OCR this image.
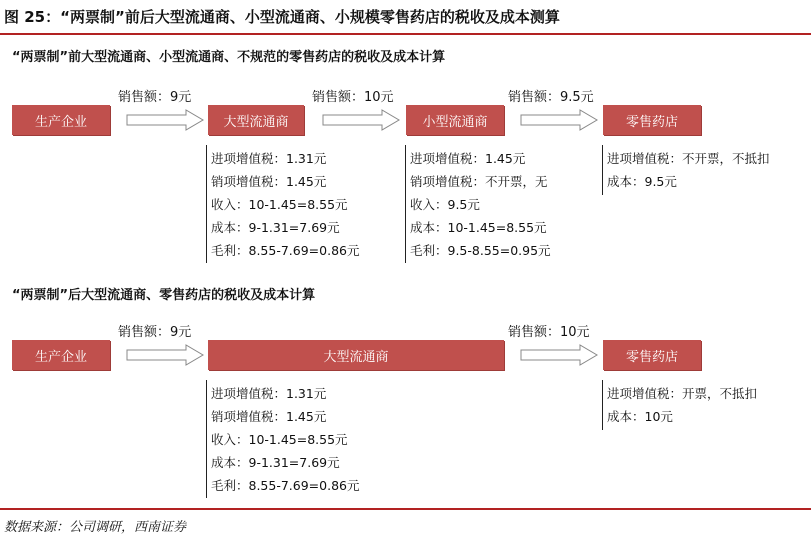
图 25：“两票制”前后大型流通商、小型流通商、小规模零售药店的税收及成本测算
“两票制”前大型流通商、小型流通商、不规范的零售药店的税收及成本计算
生产企业	大型流通商	小型流通商	零售药店
销售额：9元	销售额：10元	销售额：9.5元
进项增值税：1.31元
销项增值税：1.45元
收入：10-1.45=8.55元
成本：9-1.31=7.69元
毛利：8.55-7.69=0.86元
进项增值税：1.45元
销项增值税：不开票，无
收入：9.5元
成本：10-1.45=8.55元
毛利：9.5-8.55=0.95元
进项增值税：不开票，不抵扣
成本：9.5元
“两票制”后大型流通商、零售药店的税收及成本计算
生产企业	大型流通商	零售药店
销售额：9元	销售额：10元
进项增值税：1.31元
销项增值税：1.45元
收入：10-1.45=8.55元
成本：9-1.31=7.69元
毛利：8.55-7.69=0.86元
进项增值税：开票，不抵扣
成本：10元
数据来源：公司调研，西南证券
